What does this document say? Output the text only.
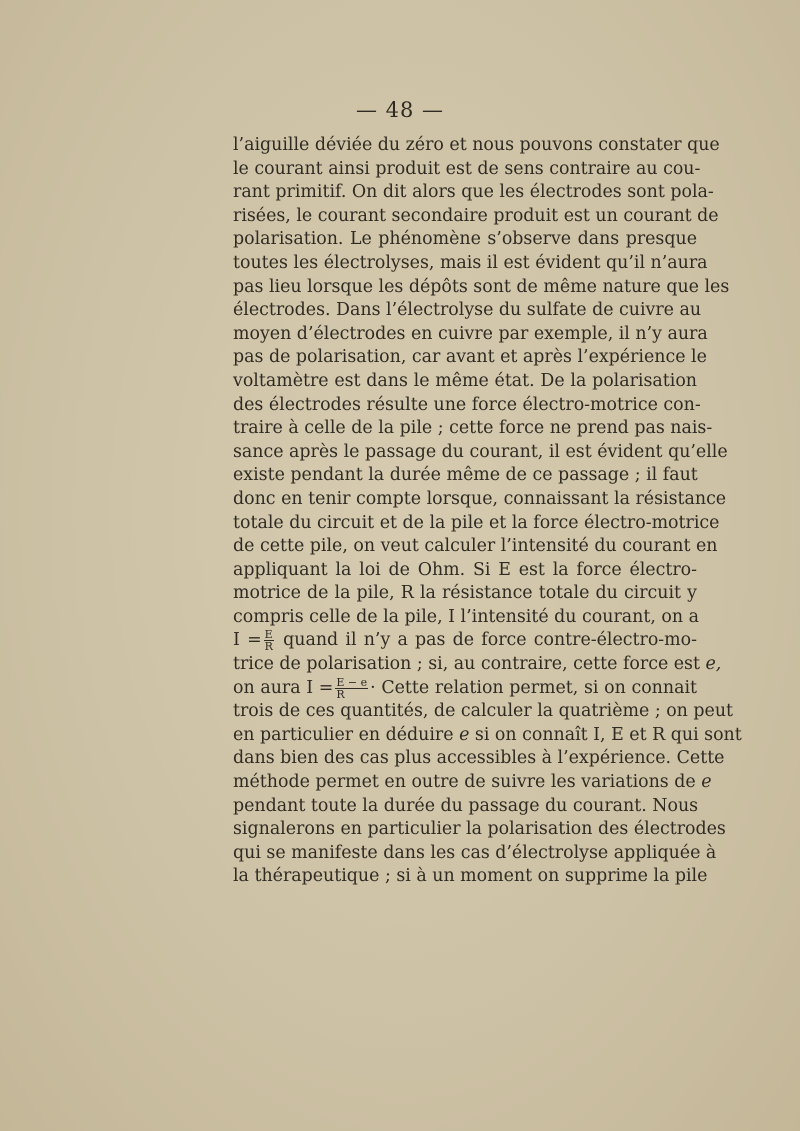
— 48 —
l’aiguille déviée du zéro et nous pouvons constater que
le courant ainsi produit est de sens contraire au cou-
rant primitif. On dit alors que les électrodes sont pola-
risées, le courant secondaire produit est un courant de
polarisation. Le phénomène s’observe dans presque
toutes les électrolyses, mais il est évident qu’il n’aura
pas lieu lorsque les dépôts sont de même nature que les
électrodes. Dans l’électrolyse du sulfate de cuivre au
moyen d’électrodes en cuivre par exemple, il n’y aura
pas de polarisation, car avant et après l’expérience le
voltamètre est dans le même état. De la polarisation
des électrodes résulte une force électro-motrice con-
traire à celle de la pile ; cette force ne prend pas nais-
sance après le passage du courant, il est évident qu’elle
existe pendant la durée même de ce passage ; il faut
donc en tenir compte lorsque, connaissant la résistance
totale du circuit et de la pile et la force électro-motrice
de cette pile, on veut calculer l’intensité du courant en
appliquant la loi de Ohm. Si E est la force électro-
motrice de la pile, R la résistance totale du circuit y
compris celle de la pile, I l’intensité du courant, on a
$I = \frac{E}{R}$ quand il n’y a pas de force contre-électro-mo-
trice de polarisation ; si, au contraire, cette force est e,
on aura $I = \frac{E - e}{R}$ · Cette relation permet, si on connait
trois de ces quantités, de calculer la quatrième ; on peut
en particulier en déduire e si on connaît I, E et R qui sont
dans bien des cas plus accessibles à l’expérience. Cette
méthode permet en outre de suivre les variations de e
pendant toute la durée du passage du courant. Nous
signalerons en particulier la polarisation des électrodes
qui se manifeste dans les cas d’électrolyse appliquée à
la thérapeutique ; si à un moment on supprime la pile
